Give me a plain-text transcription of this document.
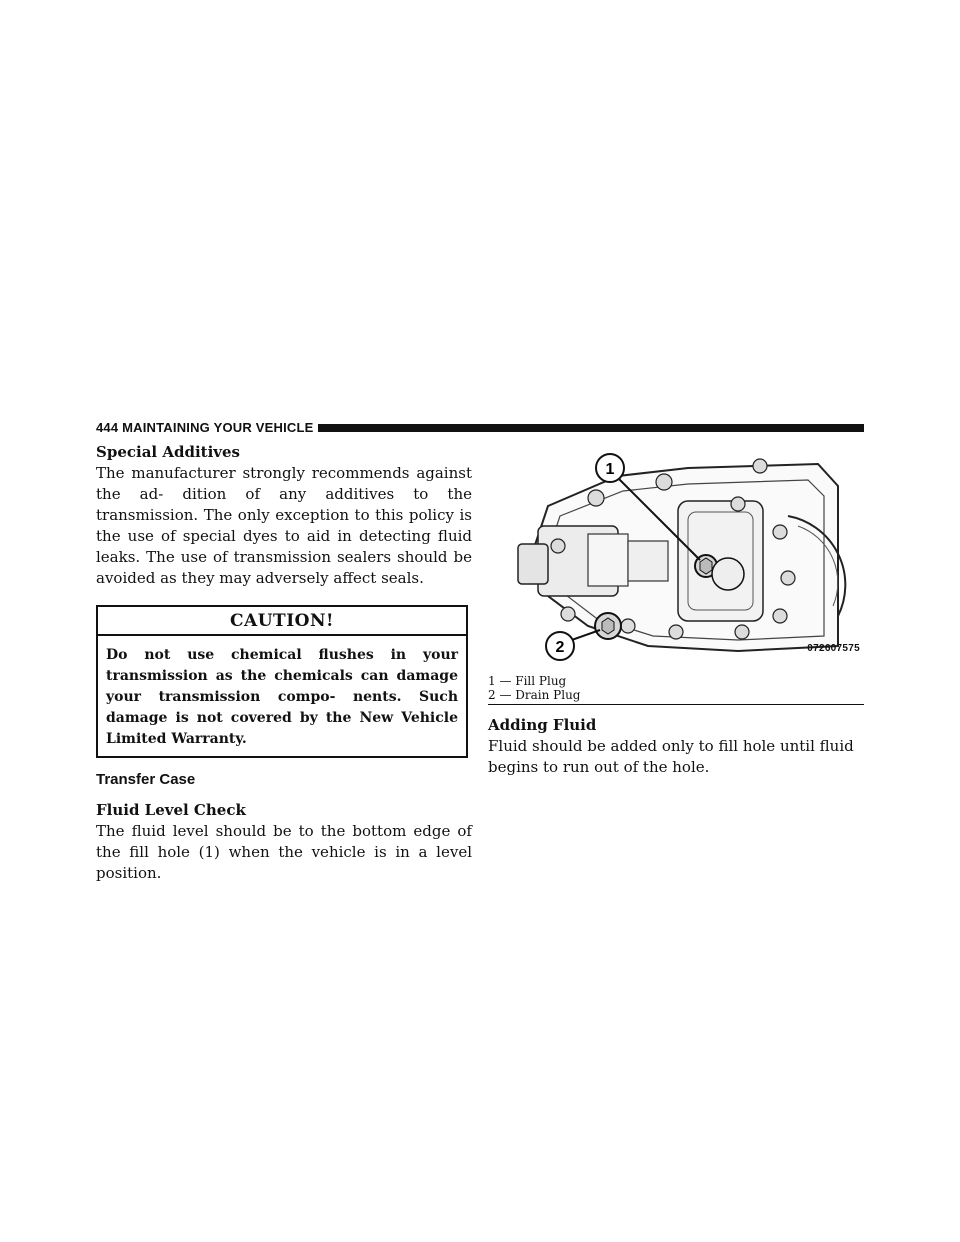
444 MAINTAINING YOUR VEHICLE

Special Additives

The manufacturer strongly recommends against the ad- dition of any additives to the transmission. The only exception to this policy is the use of special dyes to aid in detecting fluid leaks. The use of transmission sealers should be avoided as they may adversely affect seals.

CAUTION!
Do not use chemical flushes in your transmission as the chemicals can damage your transmission compo- nents. Such damage is not covered by the New Vehicle Limited Warranty.
Transfer Case

Fluid Level Check

The fluid level should be to the bottom edge of the fill hole (1) when the vehicle is in a level position.

1
2	072607575
1 — Fill Plug
2 — Drain Plug

Adding Fluid

Fluid should be added only to fill hole until fluid begins to run out of the hole.
